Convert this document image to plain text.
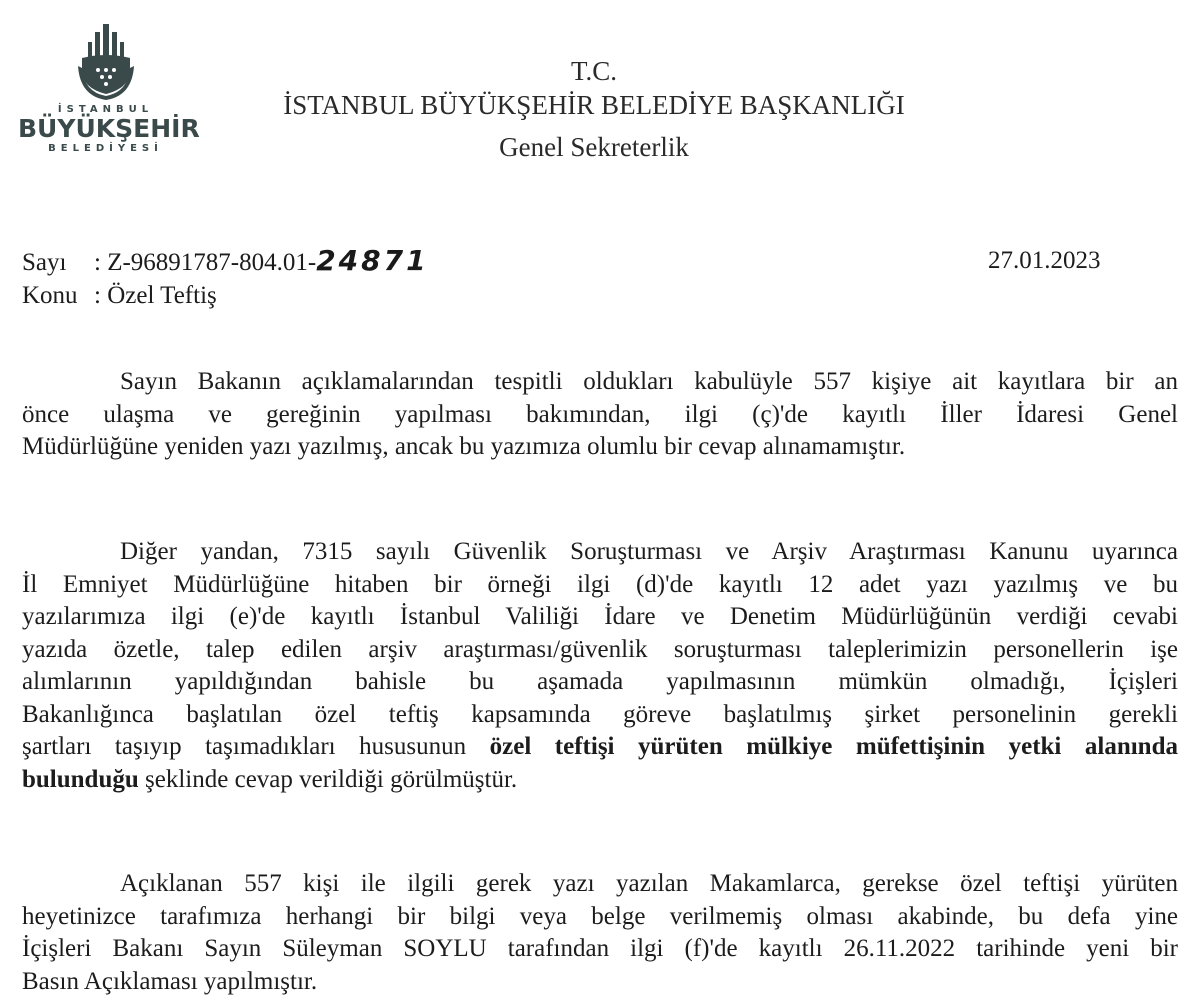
İSTANBUL
BÜYÜKŞEHİR
BELEDİYESİ
T.C.
İSTANBUL BÜYÜKŞEHİR BELEDİYE BAŞKANLIĞI
Genel Sekreterlik
Sayı : Z-96891787-804.01-24871
Konu : Özel Teftiş
27.01.2023
Sayın Bakanın açıklamalarından tespitli oldukları kabulüyle 557 kişiye ait kayıtlara bir an
önce ulaşma ve gereğinin yapılması bakımından, ilgi (ç)'de kayıtlı İller İdaresi Genel
Müdürlüğüne yeniden yazı yazılmış, ancak bu yazımıza olumlu bir cevap alınamamıştır.
Diğer yandan, 7315 sayılı Güvenlik Soruşturması ve Arşiv Araştırması Kanunu uyarınca
İl Emniyet Müdürlüğüne hitaben bir örneği ilgi (d)'de kayıtlı 12 adet yazı yazılmış ve bu
yazılarımıza ilgi (e)'de kayıtlı İstanbul Valiliği İdare ve Denetim Müdürlüğünün verdiği cevabi
yazıda özetle, talep edilen arşiv araştırması/güvenlik soruşturması taleplerimizin personellerin işe
alımlarının yapıldığından bahisle bu aşamada yapılmasının mümkün olmadığı, İçişleri
Bakanlığınca başlatılan özel teftiş kapsamında göreve başlatılmış şirket personelinin gerekli
şartları taşıyıp taşımadıkları hususunun özel teftişi yürüten mülkiye müfettişinin yetki alanında
bulunduğu şeklinde cevap verildiği görülmüştür.
Açıklanan 557 kişi ile ilgili gerek yazı yazılan Makamlarca, gerekse özel teftişi yürüten
heyetinizce tarafımıza herhangi bir bilgi veya belge verilmemiş olması akabinde, bu defa yine
İçişleri Bakanı Sayın Süleyman SOYLU tarafından ilgi (f)'de kayıtlı 26.11.2022 tarihinde yeni bir
Basın Açıklaması yapılmıştır.
